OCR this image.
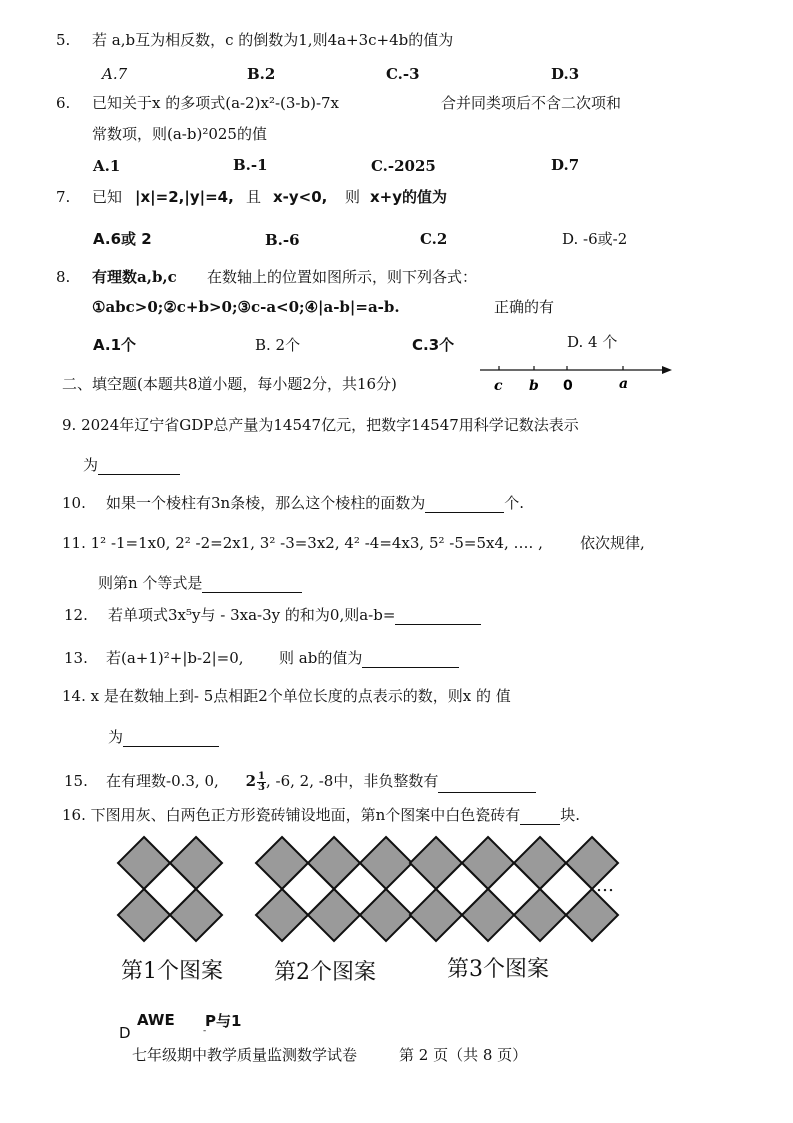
5. 若 a,b互为相反数，c 的倒数为1,则4a+3c+4b的值为
A.7	B.2	C.-3	D.3
6. 已知关于x 的多项式(a-2)x²-(3-b)-7x	合并同类项后不含二次项和
常数项，则(a-b)²025的值
A.1	B.-1	C.-2025	D.7
7. 已知 |x|=2,|y|=4, 且 x-y<0, 则 x+y的值为
A.6或 2	B.-6	C.2	D. -6或-2
8. 有理数a,b,c 在数轴上的位置如图所示，则下列各式：
①abc>0;②c+b>0;③c-a<0;④|a-b|=a-b.	正确的有
A.1个	B. 2个	C.3个	D. 4 个
c b 0	a
二、填空题(本题共8道小题，每小题2分，共16分)
9. 2024年辽宁省GDP总产量为14547亿元，把数字14547用科学记数法表示
为
10. 如果一个棱柱有3n条棱，那么这个棱柱的面数为	个.
11. 1² -1=1x0, 2² -2=2x1, 3² -3=3x2, 4² -4=4x3, 5² -5=5x4, …. , 依次规律,
则第n 个等式是
12. 若单项式3x⁵y与 - 3xa-3y 的和为0,则a-b=
13. 若(a+1)²+|b-2|=0, 则 ab的值为
14. x 是在数轴上到- 5点相距2个单位长度的点表示的数，则x 的 值
为
15. 在有理数-0.3, 0, $2 \frac{1}{3}$ , -6, 2, -8中，非负整数有
16. 下图用灰、白两色正方形瓷砖铺设地面，第n个图案中白色瓷砖有	块.
…
第1个图案 第2个图案	第3个图案
D
AWE P与1
-
七年级期中教学质量监测数学试卷	第 2 页（共 8 页）
